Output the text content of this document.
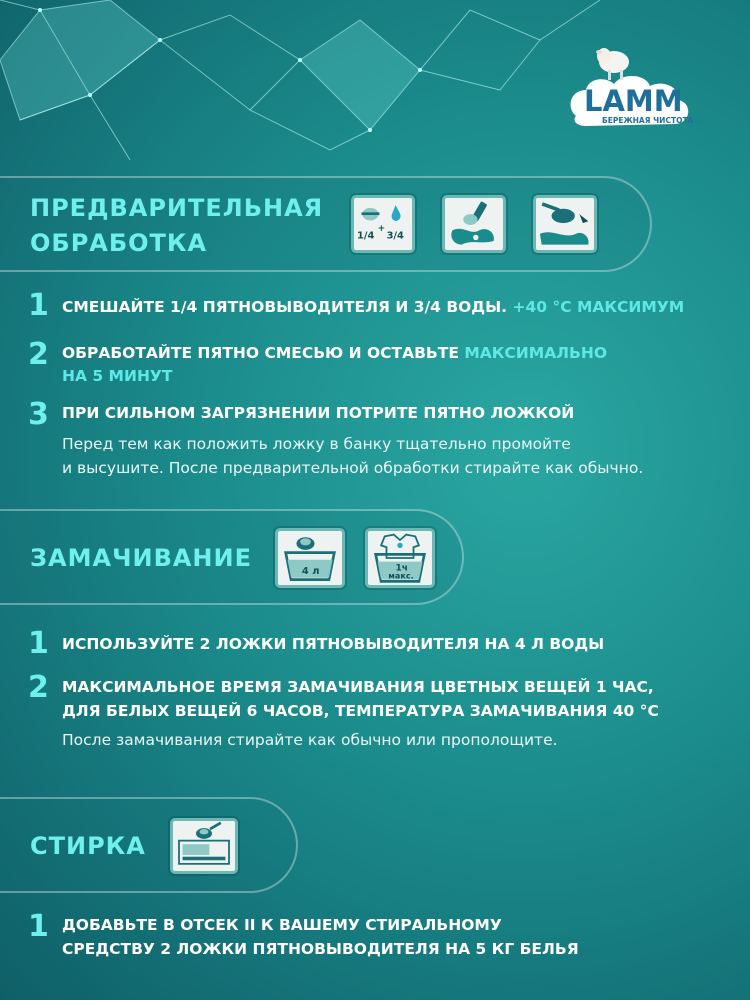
LAMM
БЕРЕЖНАЯ ЧИСТОТА
ПРЕДВАРИТЕЛЬНАЯ
ОБРАБОТКА	1/4
+
3/4
1 СМЕШАЙТЕ 1/4 ПЯТНОВЫВОДИТЕЛЯ И 3/4 ВОДЫ. +40 °С МАКСИМУМ
2 ОБРАБОТАЙТЕ ПЯТНО СМЕСЬЮ И ОСТАВЬТЕ МАКСИМАЛЬНО
НА 5 МИНУТ
3 ПРИ СИЛЬНОМ ЗАГРЯЗНЕНИИ ПОТРИТЕ ПЯТНО ЛОЖКОЙ
Перед тем как положить ложку в банку тщательно промойте
и высушите. После предварительной обработки стирайте как обычно.
ЗАМАЧИВАНИЕ	4 л	1ч
макс.
1 ИСПОЛЬЗУЙТЕ 2 ЛОЖКИ ПЯТНОВЫВОДИТЕЛЯ НА 4 Л ВОДЫ
2 МАКСИМАЛЬНОЕ ВРЕМЯ ЗАМАЧИВАНИЯ ЦВЕТНЫХ ВЕЩЕЙ 1 ЧАС,
ДЛЯ БЕЛЫХ ВЕЩЕЙ 6 ЧАСОВ, ТЕМПЕРАТУРА ЗАМАЧИВАНИЯ 40 °С
После замачивания стирайте как обычно или прополощите.
СТИРКА
1 ДОБАВЬТЕ В ОТСЕК II К ВАШЕМУ СТИРАЛЬНОМУ
СРЕДСТВУ 2 ЛОЖКИ ПЯТНОВЫВОДИТЕЛЯ НА 5 КГ БЕЛЬЯ
